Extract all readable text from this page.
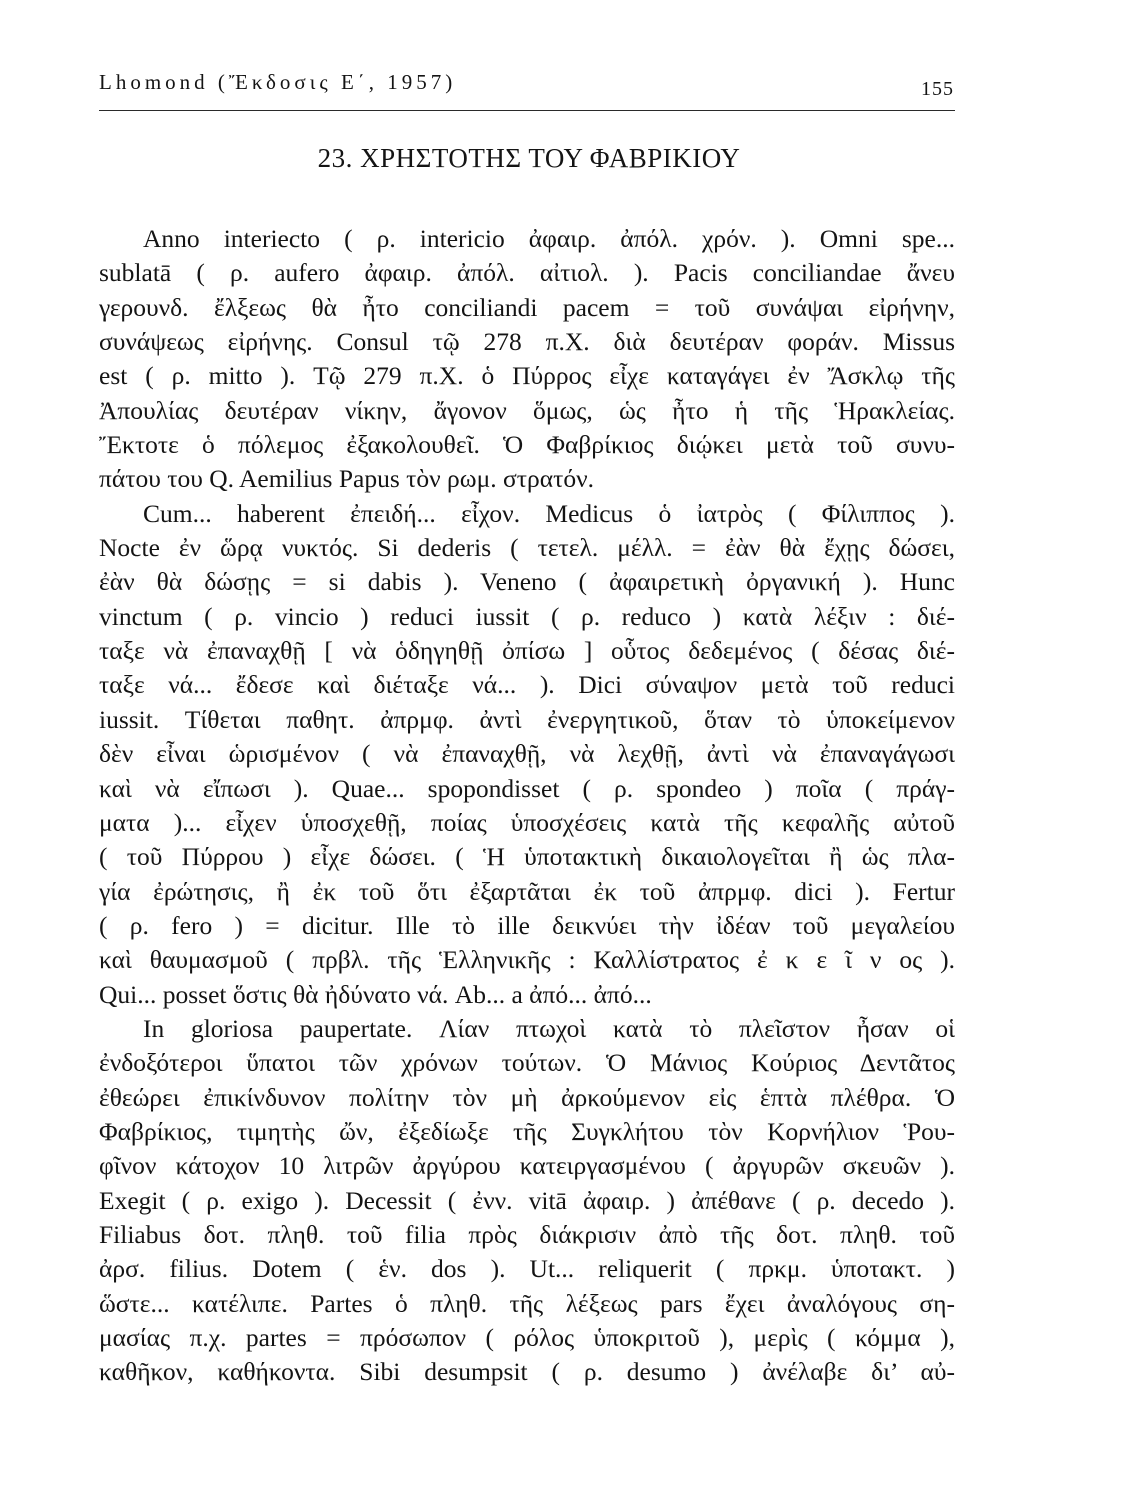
Lhomond (Ἔκδοσις Ε΄, 1957)	155
23. ΧΡΗΣΤΟΤΗΣ ΤΟΥ ΦΑΒΡΙΚΙΟΥ
Anno interiecto ( ρ. intericio ἀφαιρ. ἀπόλ. χρόν. ). Omni spe...
sublatā ( ρ. aufero ἀφαιρ. ἀπόλ. αἰτιολ. ). Pacis conciliandae ἄνευ
γερουνδ. ἔλξεως θὰ ἦτο conciliandi pacem = τοῦ συνάψαι εἰρήνην,
συνάψεως εἰρήνης. Consul τῷ 278 π.Χ. διὰ δευτέραν φοράν. Missus
est ( ρ. mitto ). Τῷ 279 π.Χ. ὁ Πύρρος εἶχε καταγάγει ἐν Ἄσκλῳ τῆς
Ἀπουλίας δευτέραν νίκην, ἄγονον ὅμως, ὡς ἦτο ἡ τῆς Ἡρακλείας.
Ἔκτοτε ὁ πόλεμος ἐξακολουθεῖ. Ὁ Φαβρίκιος διῴκει μετὰ τοῦ συνυ-
πάτου του Q. Aemilius Papus τὸν ρωμ. στρατόν.
Cum... haberent ἐπειδή... εἶχον. Medicus ὁ ἰατρὸς ( Φίλιππος ).
Nocte ἐν ὥρᾳ νυκτός. Si dederis ( τετελ. μέλλ. = ἐὰν θὰ ἔχῃς δώσει,
ἐὰν θὰ δώσῃς = si dabis ). Veneno ( ἀφαιρετικὴ ὀργανική ). Hunc
vinctum ( ρ. vincio ) reduci iussit ( ρ. reduco ) κατὰ λέξιν : διέ-
ταξε νὰ ἐπαναχθῇ [ νὰ ὁδηγηθῇ ὀπίσω ] οὗτος δεδεμένος ( δέσας διέ-
ταξε νά... ἔδεσε καὶ διέταξε νά... ). Dici σύναψον μετὰ τοῦ reduci
iussit. Τίθεται παθητ. ἀπρμφ. ἀντὶ ἐνεργητικοῦ, ὅταν τὸ ὑποκείμενον
δὲν εἶναι ὡρισμένον ( νὰ ἐπαναχθῇ, νὰ λεχθῇ, ἀντὶ νὰ ἐπαναγάγωσι
καὶ νὰ εἴπωσι ). Quae... spopondisset ( ρ. spondeo ) ποῖα ( πράγ-
ματα )... εἶχεν ὑποσχεθῇ, ποίας ὑποσχέσεις κατὰ τῆς κεφαλῆς αὐτοῦ
( τοῦ Πύρρου ) εἶχε δώσει. ( Ἡ ὑποτακτικὴ δικαιολογεῖται ἢ ὡς πλα-
γία ἐρώτησις, ἢ ἐκ τοῦ ὅτι ἐξαρτᾶται ἐκ τοῦ ἀπρμφ. dici ). Fertur
( ρ. fero ) = dicitur. Ille τὸ ille δεικνύει τὴν ἰδέαν τοῦ μεγαλείου
καὶ θαυμασμοῦ ( πρβλ. τῆς Ἑλληνικῆς : Καλλίστρατος ἐ κ ε ῖ ν ος ).
Qui... posset ὅστις θὰ ἠδύνατο νά. Ab... a ἀπό... ἀπό...
In gloriosa paupertate. Λίαν πτωχοὶ κατὰ τὸ πλεῖστον ἦσαν οἱ
ἐνδοξότεροι ὕπατοι τῶν χρόνων τούτων. Ὁ Μάνιος Κούριος Δεντᾶτος
ἐθεώρει ἐπικίνδυνον πολίτην τὸν μὴ ἀρκούμενον εἰς ἑπτὰ πλέθρα. Ὁ
Φαβρίκιος, τιμητὴς ὤν, ἐξεδίωξε τῆς Συγκλήτου τὸν Κορνήλιον Ῥου-
φῖνον κάτοχον 10 λιτρῶν ἀργύρου κατειργασμένου ( ἀργυρῶν σκευῶν ).
Exegit ( ρ. exigo ). Decessit ( ἐνν. vitā ἀφαιρ. ) ἀπέθανε ( ρ. decedo ).
Filiabus δοτ. πληθ. τοῦ filia πρὸς διάκρισιν ἀπὸ τῆς δοτ. πληθ. τοῦ
ἀρσ. filius. Dotem ( ἑν. dos ). Ut... reliquerit ( πρκμ. ὑποτακτ. )
ὥστε... κατέλιπε. Partes ὁ πληθ. τῆς λέξεως pars ἔχει ἀναλόγους ση-
μασίας π.χ. partes = πρόσωπον ( ρόλος ὑποκριτοῦ ), μερὶς ( κόμμα ),
καθῆκον, καθήκοντα. Sibi desumpsit ( ρ. desumo ) ἀνέλαβε δι’ αὐ-
